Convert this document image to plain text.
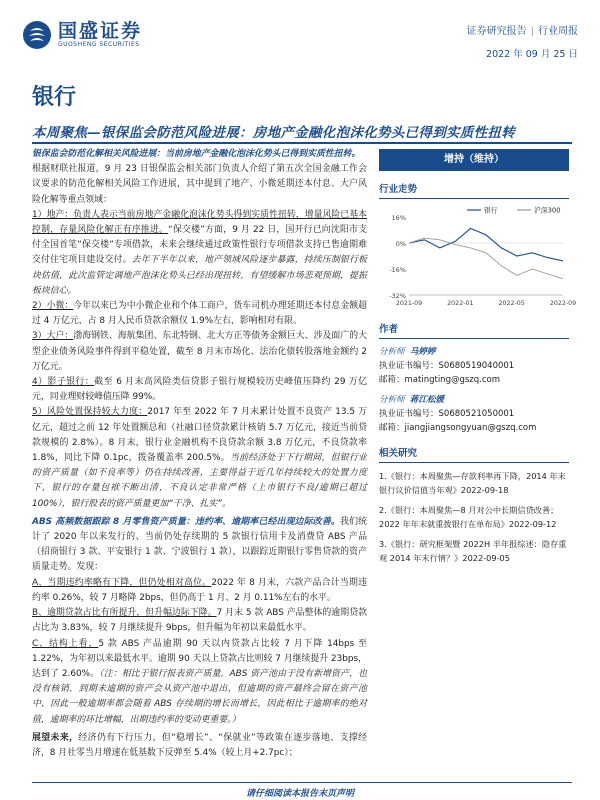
国盛证券
GUOSHENG SECURITIES
证券研究报告 | 行业周报
2022 年 09 月 25 日
银行
本周聚焦—银保监会防范风险进展：房地产金融化泡沫化势头已得到实质性扭转

银保监会防范化解相关风险进展：当前房地产金融化泡沫化势头已得到实质性扭转。

根据财联社报道，9 月 23 日银保监会相关部门负责人介绍了第五次全国金融工作会议要求的防范化解相关风险工作进展，其中提到了地产、小微延期还本付息、大户风险化解等重点领域：

1）地产：负责人表示当前房地产金融化泡沫化势头得到实质性扭转，增量风险已基本控制，存量风险化解正有序推进。“保交楼”方面，9 月 22 日，国开行已向沈阳市支付全国首笔“保交楼”专项借款，未来会继续通过政策性银行专项借款支持已售逾期难交付住宅项目建设交付。去年下半年以来，地产领域风险逐步暴露，持续压制银行板块估值，此次监管定调地产泡沫化势头已经出现扭转，有望缓解市场悲观预期，提振板块信心。

2）小微：今年以来已为中小微企业和个体工商户，货车司机办理延期还本付息金额超过 4 万亿元，占 8 月人民币贷款余额仅 1.9%左右，影响相对有限。

3）大户：渤海钢铁、海航集团、东北特钢、北大方正等债务金额巨大、涉及面广的大型企业债务风险事件得到平稳处置，截至 8 月末市场化、法治化债转股落地金额约 2 万亿元。

4）影子银行：截至 6 月末高风险类信贷影子银行规模较历史峰值压降约 29 万亿元，同业理财较峰值压降 99%。

5）风险处置保持较大力度：2017 年至 2022 年 7 月末累计处置不良资产 13.5 万亿元，超过之前 12 年处置额总和（社融口径贷款累计核销 5.7 万亿元，接近当前贷款规模的 2.8%）。8 月末，银行业金融机构不良贷款余额 3.8 万亿元，不良贷款率 1.8%，同比下降 0.1pc，拨备覆盖率 200.5%。当前经济处于下行期间，但银行业的资产质量（如不良率等）仍在持续改善，主要得益于近几年持续较大的处置力度下，银行的存量包袱不断出清，不良认定非常严格（上市银行不良/逾期已超过 100%），银行股表的资产质量更加“干净、扎实”。

ABS 高频数据跟踪 8 月零售资产质量：违约率、逾期率已经出现边际改善。我们统计了 2020 年以来发行的、当前仍处存续期的 5 款银行信用卡及消费贷 ABS 产品（招商银行 3 款、平安银行 1 款、宁波银行 1 款），以跟踪近期银行零售贷款的资产质量走势。发现：

A、当期违约率略有下降，但仍处相对高位。2022 年 8 月末，六款产品合计当期违约率 0.26%，较 7 月略降 2bps，但仍高于 1 月、2 月 0.11%左右的水平。

B、逾期贷款占比有所提升，但升幅边际下降。7 月末 5 款 ABS 产品整体的逾期贷款占比为 3.83%，较 7 月继续提升 9bps，但升幅为年初以来最低水平。

C、结构上看，5 款 ABS 产品逾期 90 天以内贷款占比较 7 月下降 14bps 至 1.22%，为年初以来最低水平。逾期 90 天以上贷款占比则较 7 月继续提升 23bps，达到了 2.60%。（注：相比于银行报表资产质量，ABS 资产池由于没有新增资产，也没有核销，到期未逾期的资产会从资产池中退出，但逾期的资产最终会留在资产池中，因此一般逾期率都会随着 ABS 存续期的增长而增长，因此相比于逾期率的绝对值，逾期率的环比增幅，出期违约率的变动更重要。）

展望未来，经济仍有下行压力，但“稳增长”、“保就业”等政策在逐步落地、支撑经济，8 月社零当月增速在低基数下反弹至 5.4%（较上月+2.7pc）；

增持（维持）
行业走势
16%
0%
-16%
-32%
2021-09	2022-01	2022-05	2022-09
银行	沪深300
作者
分析师 马婷婷
执业证书编号：S0680519040001
邮箱：matingting@gszq.com
分析师 蒋江松媛
执业证书编号：S0680521050001
邮箱：jiangjiangsongyuan@gszq.com
相关研究

1.《银行：本周聚焦—存款利率再下降，2014 年末银行议价信值当年观》2022-09-18

2.《银行：本周聚焦—8 月对公中长期信贷改善；2022 年年末就重拨银行在单布局》2022-09-12

3.《银行：研究框架暨 2022H 半年报综述：隐存重观 2014 年末行情？》2022-09-05

请仔细阅读本报告末页声明
